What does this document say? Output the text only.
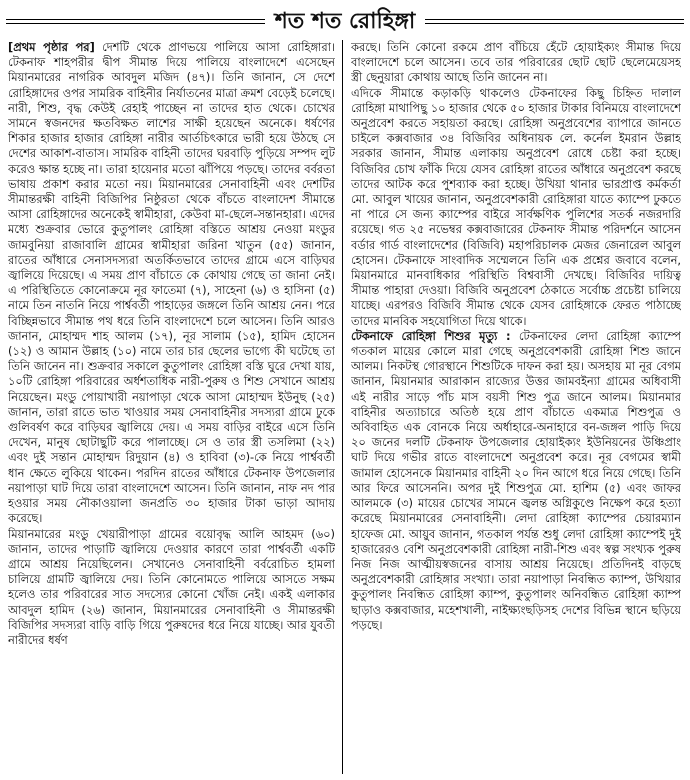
শত শত রোহিঙ্গা

[প্রথম পৃষ্ঠার পর] দেশটি থেকে প্রাণভয়ে পালিয়ে আসা রোহিঙ্গারা। টেকনাফ শাহপরীর দ্বীপ সীমান্ত দিয়ে পালিয়ে বাংলাদেশে এসেছেন মিয়ানমারের নাগরিক আবদুল মজিদ (৪৭)। তিনি জানান, সে দেশে রোহিঙ্গাদের ওপর সামরিক বাহিনীর নির্যাতনের মাত্রা ক্রমশ বেড়েই চলেছে। নারী, শিশু, বৃদ্ধ কেউই রেহাই পাচ্ছেন না তাদের হাত থেকে। চোখের সামনে স্বজনদের ক্ষতবিক্ষত লাশের সাক্ষী হয়েছেন অনেকে। ধর্ষণের শিকার হাজার হাজার রোহিঙ্গা নারীর আর্তচিৎকারে ভারী হয়ে উঠছে সে দেশের আকাশ-বাতাস। সামরিক বাহিনী তাদের ঘরবাড়ি পুড়িয়ে সম্পদ লুট করেও ক্ষান্ত হচ্ছে না। তারা হায়েনার মতো ঝাঁপিয়ে পড়ছে। তাদের বর্বরতা ভাষায় প্রকাশ করার মতো নয়। মিয়ানমারের সেনাবাহিনী এবং দেশটির সীমান্তরক্ষী বাহিনী বিজিপির নিষ্ঠুরতা থেকে বাঁচতে বাংলাদেশ সীমান্তে আসা রোহিঙ্গাদের অনেকেই স্বামীহারা, কেউবা মা-ছেলে-সন্তানহারা। এদের মধ্যে শুক্রবার ভোরে কুতুপালং রোহিঙ্গা বস্তিতে আশ্রয় নেওয়া মংডুর জামবুনিয়া রাজাবালি গ্রামের স্বামীহারা জরিনা খাতুন (৫৫) জানান, রাতের আঁধারে সেনাসদস্যরা অতর্কিতভাবে তাদের গ্রামে এসে বাড়িঘর জ্বালিয়ে দিয়েছে। এ সময় প্রাণ বাঁচাতে কে কোথায় গেছে তা জানা নেই। এ পরিস্থিতিতে কোনোক্রমে নূর ফাতেমা (৭), সাহেনা (৬) ও হাসিনা (৫) নামে তিন নাতনি নিয়ে পার্শ্ববর্তী পাহাড়ের জঙ্গলে তিনি আশ্রয় নেন। পরে বিচ্ছিন্নভাবে সীমান্ত পথ ধরে তিনি বাংলাদেশে চলে আসেন। তিনি আরও জানান, মোহাম্মদ শাহ আলম (১৭), নূর সালাম (১৫), হামিদ হোসেন (১২) ও আমান উল্লাহ (১০) নামে তার চার ছেলের ভাগ্যে কী ঘটেছে তা তিনি জানেন না। শুক্রবার সকালে কুতুপালং রোহিঙ্গা বস্তি ঘুরে দেখা যায়, ১০টি রোহিঙ্গা পরিবারের অর্ধশতাধিক নারী-পুরুষ ও শিশু সেখানে আশ্রয় নিয়েছেন। মংডু পোয়াখারী নয়াপাড়া থেকে আসা মোহাম্মদ ইউনুছ (২৫) জানান, তারা রাতে ভাত খাওয়ার সময় সেনাবাহিনীর সদস্যরা গ্রামে ঢুকে গুলিবর্ষণ করে বাড়িঘর জ্বালিয়ে দেয়। এ সময় বাড়ির বাইরে এসে তিনি দেখেন, মানুষ ছোটাছুটি করে পালাচ্ছে। সে ও তার স্ত্রী তসলিমা (২২) এবং দুই সন্তান মোহাম্মদ রিদুয়ান (৪) ও হাবিবা (৩)-কে নিয়ে পার্শ্ববর্তী ধান ক্ষেতে লুকিয়ে থাকেন। পরদিন রাতের আঁধারে টেকনাফ উপজেলার নয়াপাড়া ঘাট দিয়ে তারা বাংলাদেশে আসেন। তিনি জানান, নাফ নদ পার হওয়ার সময় নৌকাওয়ালা জনপ্রতি ৩০ হাজার টাকা ভাড়া আদায় করেছে।

মিয়ানমারের মংডু খেয়ারীপাড়া গ্রামের বয়োবৃদ্ধ আলি আহমদ (৬০) জানান, তাদের পাড়াটি জ্বালিয়ে দেওয়ার কারণে তারা পার্শ্ববর্তী একটি গ্রামে আশ্রয় নিয়েছিলেন। সেখানেও সেনাবাহিনী বর্বরোচিত হামলা চালিয়ে গ্রামটি জ্বালিয়ে দেয়। তিনি কোনোমতে পালিয়ে আসতে সক্ষম হলেও তার পরিবারের সাত সদস্যের কোনো খোঁজ নেই। একই এলাকার আবদুল হামিদ (২৬) জানান, মিয়ানমারের সেনাবাহিনী ও সীমান্তরক্ষী বিজিপির সদস্যরা বাড়ি বাড়ি গিয়ে পুরুষদের ধরে নিয়ে যাচ্ছে। আর যুবতী নারীদের ধর্ষণ

করছে। তিনি কোনো রকমে প্রাণ বাঁচিয়ে হেঁটে হোয়াইক্যং সীমান্ত দিয়ে বাংলাদেশে চলে আসেন। তবে তার পরিবারের ছোট ছোট ছেলেমেয়েসহ স্ত্রী ছেনুয়ারা কোথায় আছে তিনি জানেন না।

এদিকে সীমান্তে কড়াকড়ি থাকলেও টেকনাফের কিছু চিহ্নিত দালাল রোহিঙ্গা মাথাপিছু ১০ হাজার থেকে ৫০ হাজার টাকার বিনিময়ে বাংলাদেশে অনুপ্রবেশ করতে সহায়তা করছে। রোহিঙ্গা অনুপ্রবেশের ব্যাপারে জানতে চাইলে কক্সবাজার ৩৪ বিজিবির অধিনায়ক লে. কর্নেল ইমরান উল্লাহ সরকার জানান, সীমান্ত এলাকায় অনুপ্রবেশ রোধে চেষ্টা করা হচ্ছে। বিজিবির চোখ ফাঁকি দিয়ে যেসব রোহিঙ্গা রাতের আঁধারে অনুপ্রবেশ করছে তাদের আটক করে পুশব্যাক করা হচ্ছে। উখিয়া থানার ভারপ্রাপ্ত কর্মকর্তা মো. আবুল খায়ের জানান, অনুপ্রবেশকারী রোহিঙ্গারা যাতে ক্যাম্পে ঢুকতে না পারে সে জন্য ক্যাম্পের বাইরে সার্বক্ষণিক পুলিশের সতর্ক নজরদারি রয়েছে। গত ২৫ নভেম্বর কক্সবাজারের টেকনাফ সীমান্ত পরিদর্শনে আসেন বর্ডার গার্ড বাংলাদেশের (বিজিবি) মহাপরিচালক মেজর জেনারেল আবুল হোসেন। টেকনাফে সাংবাদিক সম্মেলনে তিনি এক প্রশ্নের জবাবে বলেন, মিয়ানমারে মানবাধিকার পরিস্থিতি বিশ্ববাসী দেখছে। বিজিবির দায়িত্ব সীমান্ত পাহারা দেওয়া। বিজিবি অনুপ্রবেশ ঠেকাতে সর্বোচ্চ প্রচেষ্টা চালিয়ে যাচ্ছে। এরপরও বিজিবি সীমান্ত থেকে যেসব রোহিঙ্গাকে ফেরত পাঠাচ্ছে তাদের মানবিক সহযোগিতা দিয়ে থাকে।

টেকনাফে রোহিঙ্গা শিশুর মৃত্যু : টেকনাফের লেদা রোহিঙ্গা ক্যাম্পে গতকাল মায়ের কোলে মারা গেছে অনুপ্রবেশকারী রোহিঙ্গা শিশু জানে আলম। নিকটস্থ গোরস্থানে শিশুটিকে দাফন করা হয়। অসহায় মা নূর বেগম জানান, মিয়ানমার আরাকান রাজ্যের উত্তর জামবইন্যা গ্রামের অধিবাসী এই নারীর সাড়ে পাঁচ মাস বয়সী শিশু পুত্র জানে আলম। মিয়ানমার বাহিনীর অত্যাচারে অতিষ্ঠ হয়ে প্রাণ বাঁচাতে একমাত্র শিশুপুত্র ও অবিবাহিত এক বোনকে নিয়ে অর্ধাহারে-অনাহারে বন-জঙ্গল পাড়ি দিয়ে ২০ জনের দলটি টেকনাফ উপজেলার হোয়াইক্যং ইউনিয়নের উঞ্চিপ্রাং ঘাট দিয়ে গভীর রাতে বাংলাদেশে অনুপ্রবেশ করে। নূর বেগমের স্বামী জামাল হোসেনকে মিয়ানমার বাহিনী ২০ দিন আগে ধরে নিয়ে গেছে। তিনি আর ফিরে আসেননি। অপর দুই শিশুপুত্র মো. হাশিম (৫) এবং জাফর আলমকে (৩) মায়ের চোখের সামনে জ্বলন্ত অগ্নিকুণ্ডে নিক্ষেপ করে হত্যা করেছে মিয়ানমারের সেনাবাহিনী। লেদা রোহিঙ্গা ক্যাম্পের চেয়ারম্যান হাফেজ মো. আয়ুব জানান, গতকাল পর্যন্ত শুধু লেদা রোহিঙ্গা ক্যাম্পেই দুই হাজারেরও বেশি অনুপ্রবেশকারী রোহিঙ্গা নারী-শিশু এবং স্বল্প সংখ্যক পুরুষ নিজ নিজ আত্মীয়স্বজনের বাসায় আশ্রয় নিয়েছে। প্রতিদিনই বাড়ছে অনুপ্রবেশকারী রোহিঙ্গার সংখ্যা। তারা নয়াপাড়া নিবন্ধিত ক্যাম্প, উখিয়ার কুতুপালং নিবন্ধিত রোহিঙ্গা ক্যাম্প, কুতুপালং অনিবন্ধিত রোহিঙ্গা ক্যাম্প ছাড়াও কক্সবাজার, মহেশখালী, নাইক্ষ্যংছড়িসহ দেশের বিভিন্ন স্থানে ছড়িয়ে পড়ছে।
